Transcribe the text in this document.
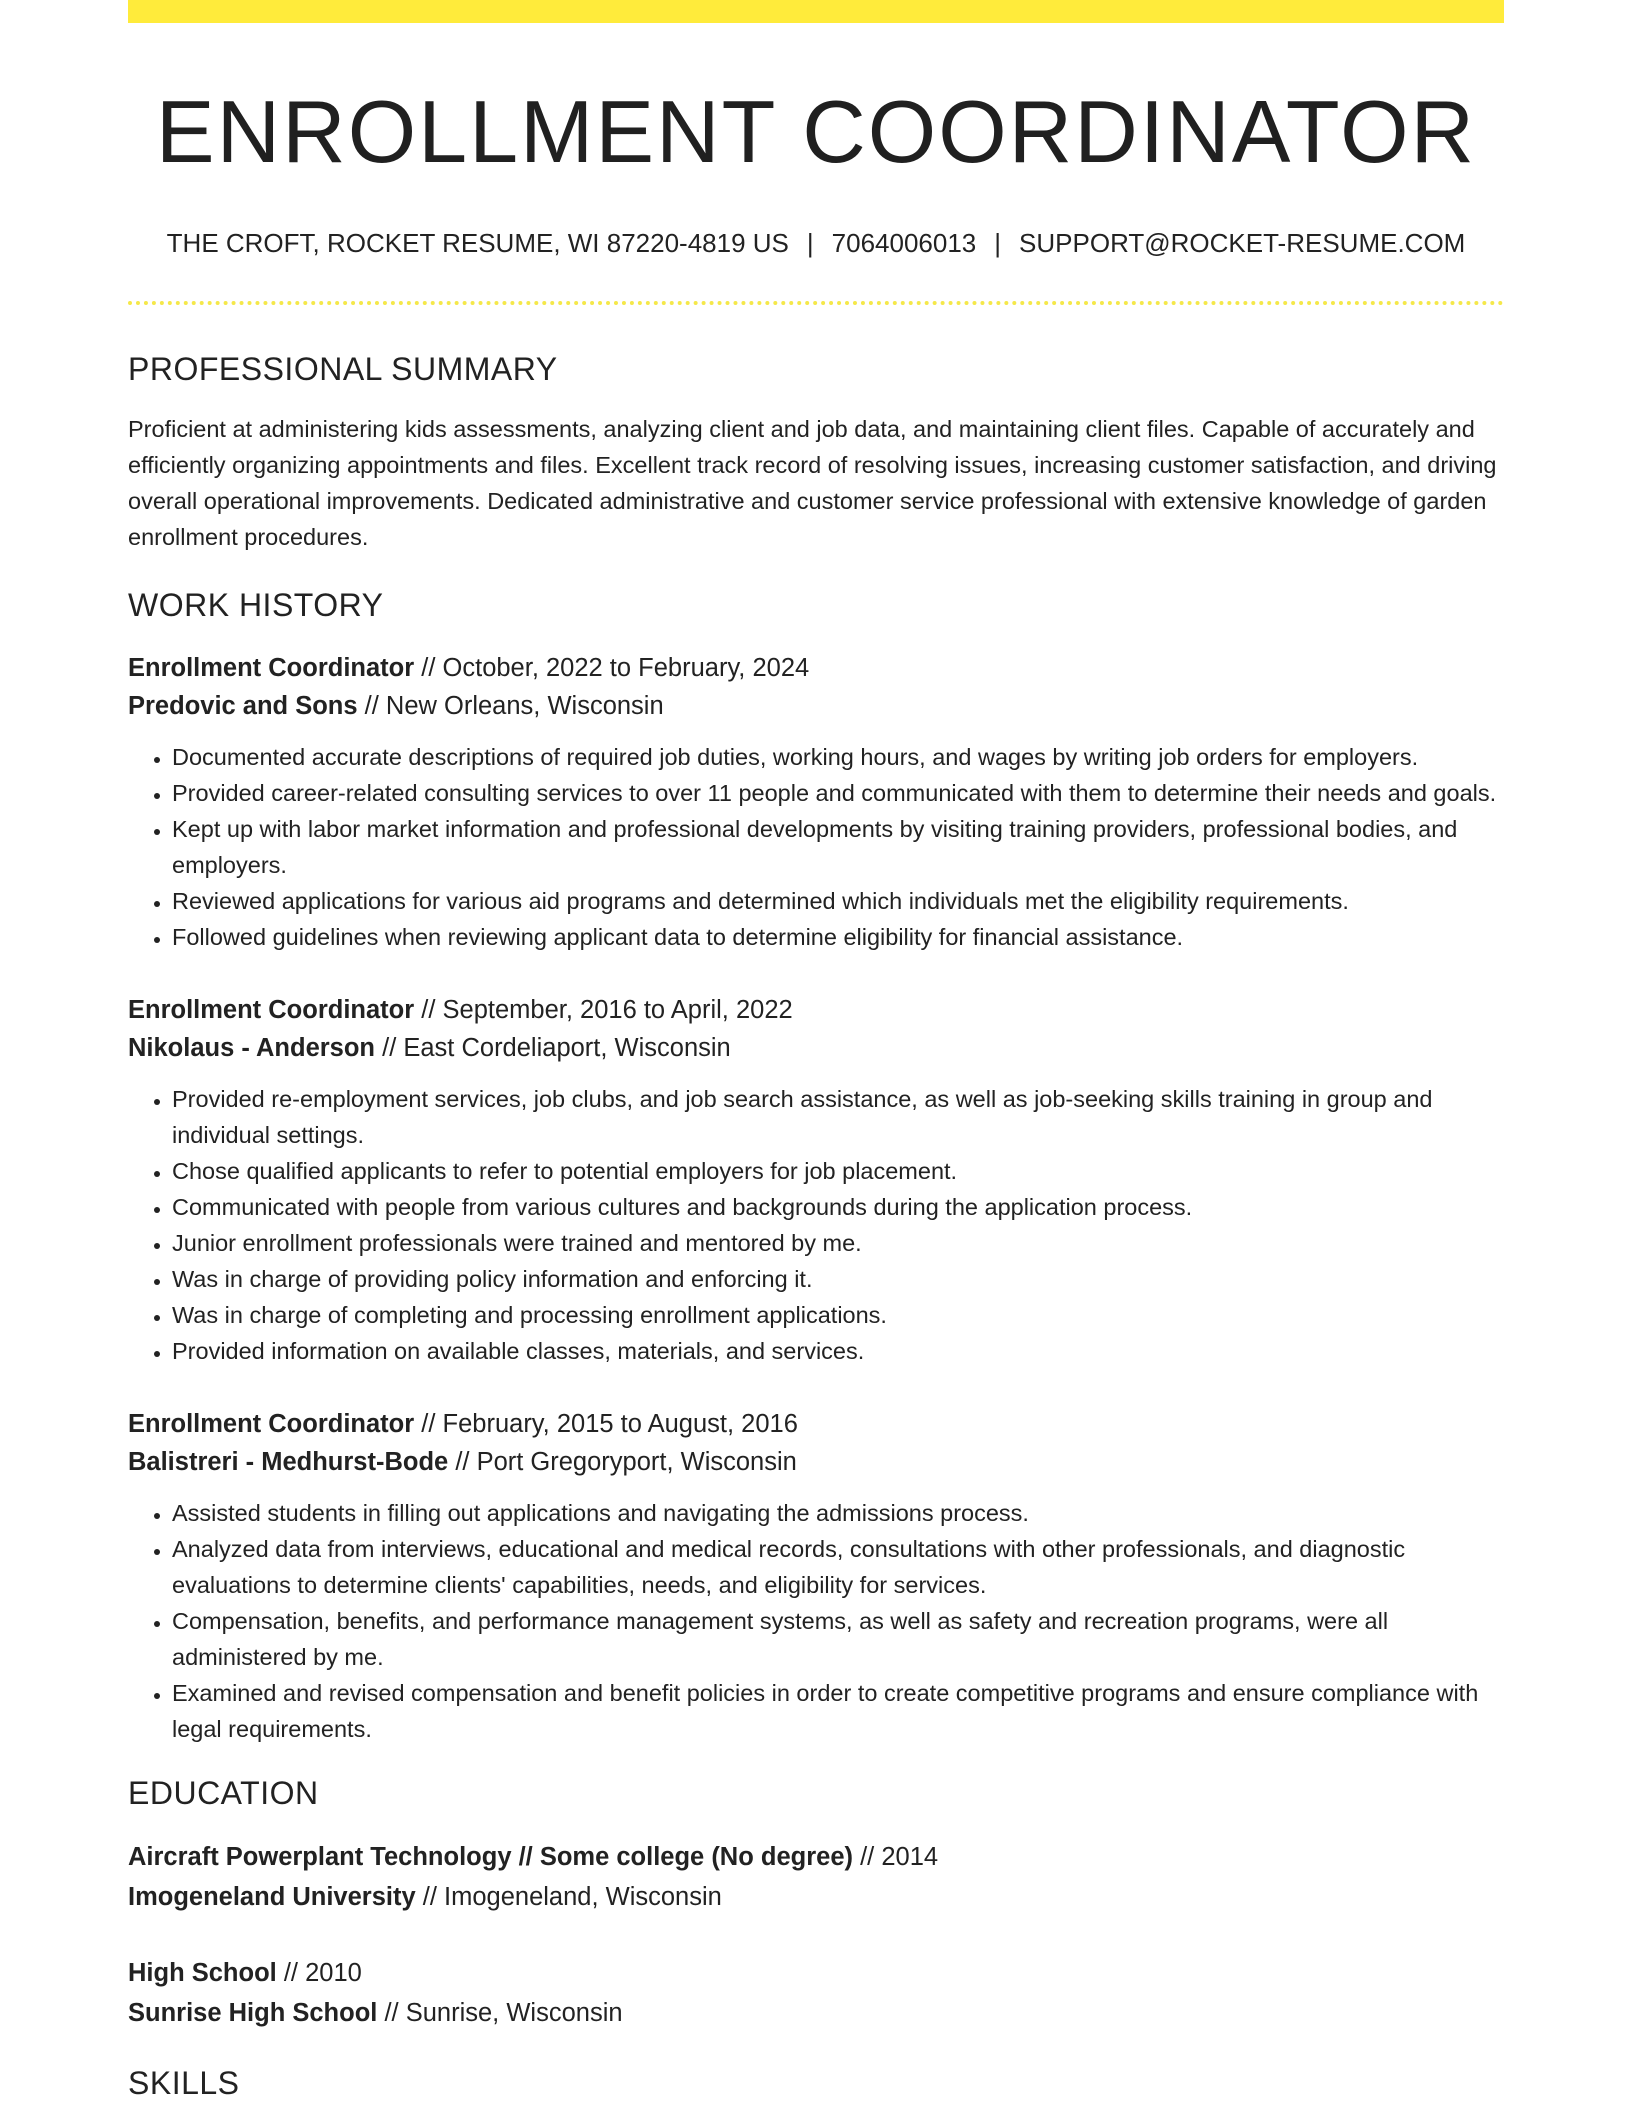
ENROLLMENT COORDINATOR
THE CROFT, ROCKET RESUME, WI 87220-4819 US | 7064006013 | SUPPORT@ROCKET-RESUME.COM
PROFESSIONAL SUMMARY

Proficient at administering kids assessments, analyzing client and job data, and maintaining client files. Capable of accurately and efficiently organizing appointments and files. Excellent track record of resolving issues, increasing customer satisfaction, and driving overall operational improvements. Dedicated administrative and customer service professional with extensive knowledge of garden enrollment procedures.

WORK HISTORY
Enrollment Coordinator // October, 2022 to February, 2024
Predovic and Sons // New Orleans, Wisconsin
• Documented accurate descriptions of required job duties, working hours, and wages by writing job orders for employers.
• Provided career-related consulting services to over 11 people and communicated with them to determine their needs and goals.
• Kept up with labor market information and professional developments by visiting training providers, professional bodies, and employers.
• Reviewed applications for various aid programs and determined which individuals met the eligibility requirements.
• Followed guidelines when reviewing applicant data to determine eligibility for financial assistance.
Enrollment Coordinator // September, 2016 to April, 2022
Nikolaus - Anderson // East Cordeliaport, Wisconsin
• Provided re-employment services, job clubs, and job search assistance, as well as job-seeking skills training in group and individual settings.
• Chose qualified applicants to refer to potential employers for job placement.
• Communicated with people from various cultures and backgrounds during the application process.
• Junior enrollment professionals were trained and mentored by me.
• Was in charge of providing policy information and enforcing it.
• Was in charge of completing and processing enrollment applications.
• Provided information on available classes, materials, and services.
Enrollment Coordinator // February, 2015 to August, 2016
Balistreri - Medhurst-Bode // Port Gregoryport, Wisconsin
• Assisted students in filling out applications and navigating the admissions process.
• Analyzed data from interviews, educational and medical records, consultations with other professionals, and diagnostic evaluations to determine clients' capabilities, needs, and eligibility for services.
• Compensation, benefits, and performance management systems, as well as safety and recreation programs, were all administered by me.
• Examined and revised compensation and benefit policies in order to create competitive programs and ensure compliance with legal requirements.
EDUCATION
Aircraft Powerplant Technology // Some college (No degree) // 2014
Imogeneland University // Imogeneland, Wisconsin
High School // 2010
Sunrise High School // Sunrise, Wisconsin
SKILLS
